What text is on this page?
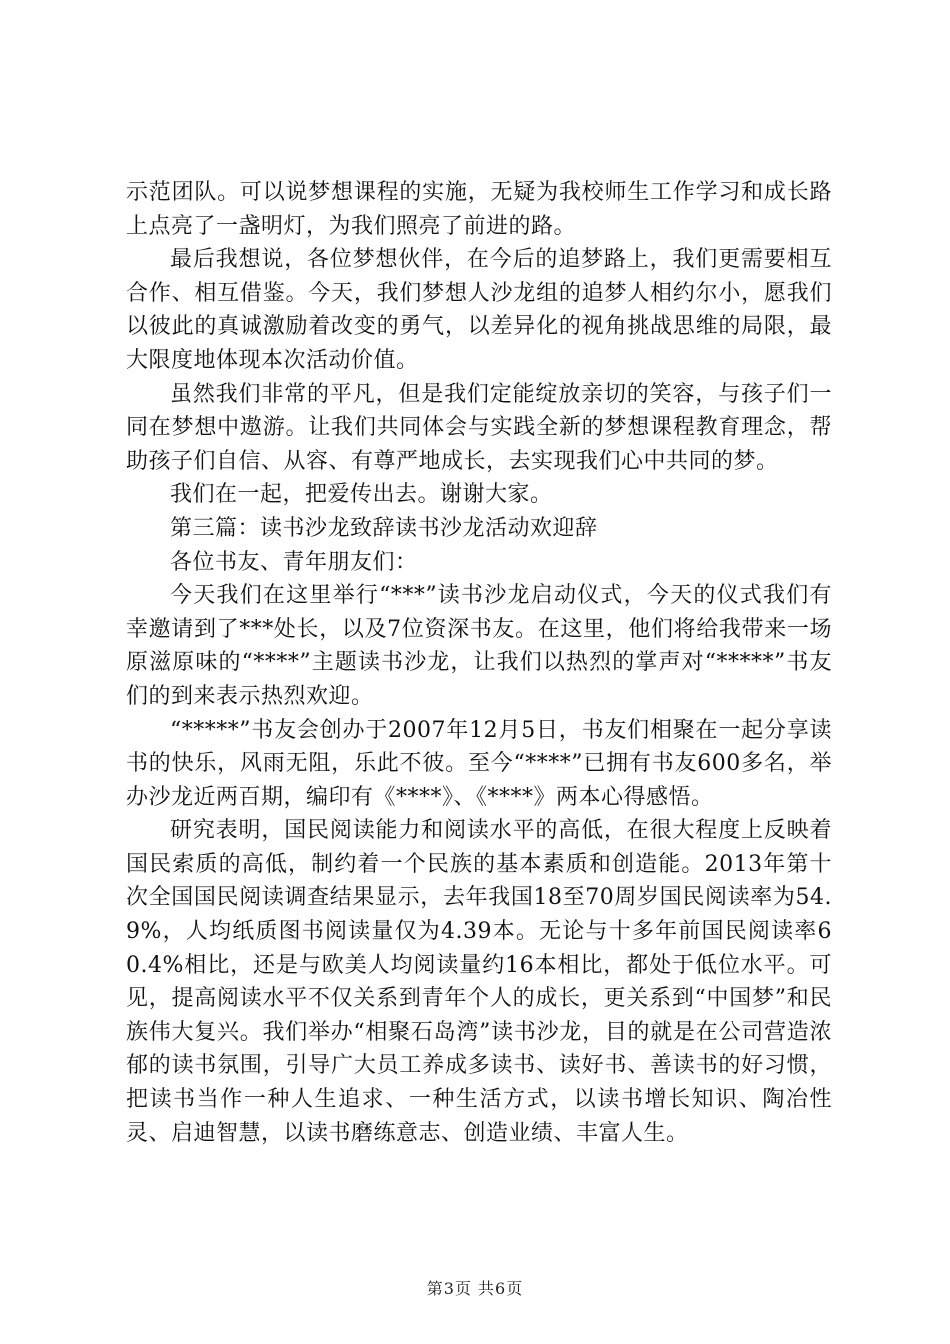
示范团队。可以说梦想课程的实施，无疑为我校师生工作学习和成长路上点亮了一盏明灯，为我们照亮了前进的路。

最后我想说，各位梦想伙伴，在今后的追梦路上，我们更需要相互合作、相互借鉴。今天，我们梦想人沙龙组的追梦人相约尔小，愿我们以彼此的真诚激励着改变的勇气，以差异化的视角挑战思维的局限，最大限度地体现本次活动价值。

虽然我们非常的平凡，但是我们定能绽放亲切的笑容，与孩子们一同在梦想中遨游。让我们共同体会与实践全新的梦想课程教育理念，帮助孩子们自信、从容、有尊严地成长，去实现我们心中共同的梦。

我们在一起，把爱传出去。谢谢大家。

第三篇：读书沙龙致辞读书沙龙活动欢迎辞

各位书友、青年朋友们：

今天我们在这里举行“***”读书沙龙启动仪式，今天的仪式我们有幸邀请到了***处长，以及7位资深书友。在这里，他们将给我带来一场原滋原味的“****”主题读书沙龙，让我们以热烈的掌声对“*****”书友们的到来表示热烈欢迎。

“*****”书友会创办于2007年12月5日，书友们相聚在一起分享读书的快乐，风雨无阻，乐此不彼。至今“****”已拥有书友600多名，举办沙龙近两百期，编印有《****》、《****》两本心得感悟。

研究表明，国民阅读能力和阅读水平的高低，在很大程度上反映着国民索质的高低，制约着一个民族的基本素质和创造能。2013年第十次全国国民阅读调查结果显示，去年我国18至70周岁国民阅读率为54.9%，人均纸质图书阅读量仅为4.39本。无论与十多年前国民阅读率60.4%相比，还是与欧美人均阅读量约16本相比，都处于低位水平。可见，提高阅读水平不仅关系到青年个人的成长，更关系到“中国梦”和民族伟大复兴。我们举办“相聚石岛湾”读书沙龙，目的就是在公司营造浓郁的读书氛围，引导广大员工养成多读书、读好书、善读书的好习惯，把读书当作一种人生追求、一种生活方式，以读书增长知识、陶冶性灵、启迪智慧，以读书磨练意志、创造业绩、丰富人生。

第3页 共6页
